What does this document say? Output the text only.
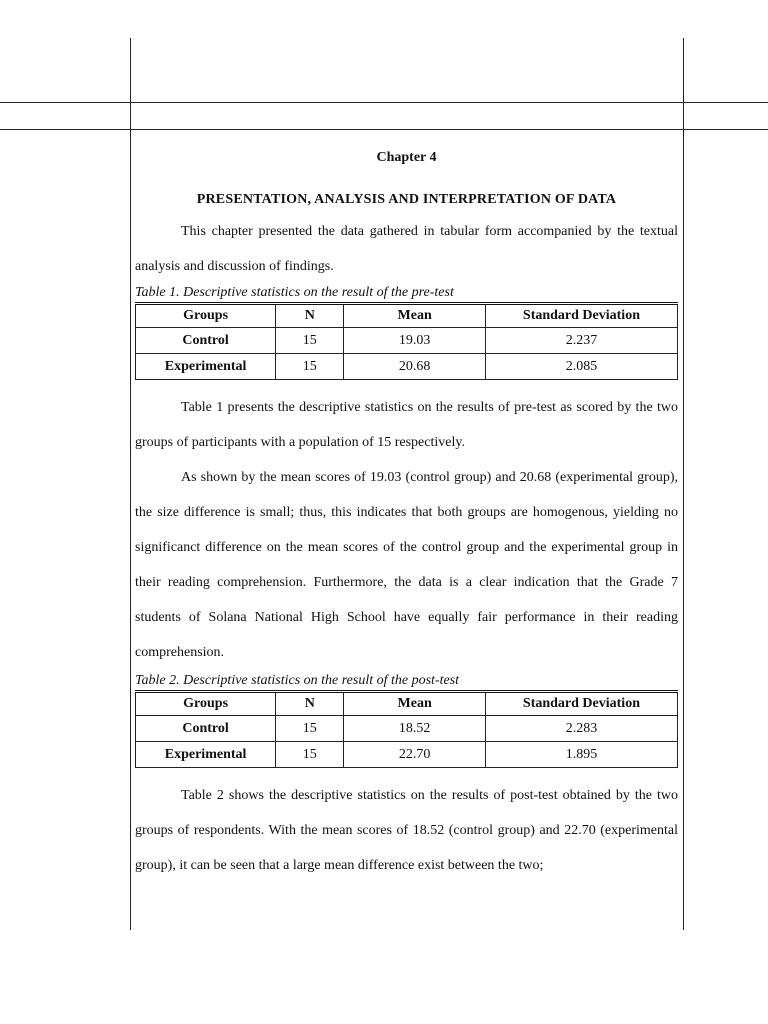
Chapter 4
PRESENTATION, ANALYSIS AND INTERPRETATION OF DATA

This chapter presented the data gathered in tabular form accompanied by the textual analysis and discussion of findings.

Table 1. Descriptive statistics on the result of the pre-test
Groups	N	Mean	Standard Deviation
Control	15	19.03	2.237
Experimental	15	20.68	2.085

Table 1 presents the descriptive statistics on the results of pre-test as scored by the two groups of participants with a population of 15 respectively.

As shown by the mean scores of 19.03 (control group) and 20.68 (experimental group), the size difference is small; thus, this indicates that both groups are homogenous, yielding no significanct difference on the mean scores of the control group and the experimental group in their reading comprehension. Furthermore, the data is a clear indication that the Grade 7 students of Solana National High School have equally fair performance in their reading comprehension.

Table 2. Descriptive statistics on the result of the post-test
Groups	N	Mean	Standard Deviation
Control	15	18.52	2.283
Experimental	15	22.70	1.895

Table 2 shows the descriptive statistics on the results of post-test obtained by the two groups of respondents. With the mean scores of 18.52 (control group) and 22.70 (experimental group), it can be seen that a large mean difference exist between the two;
